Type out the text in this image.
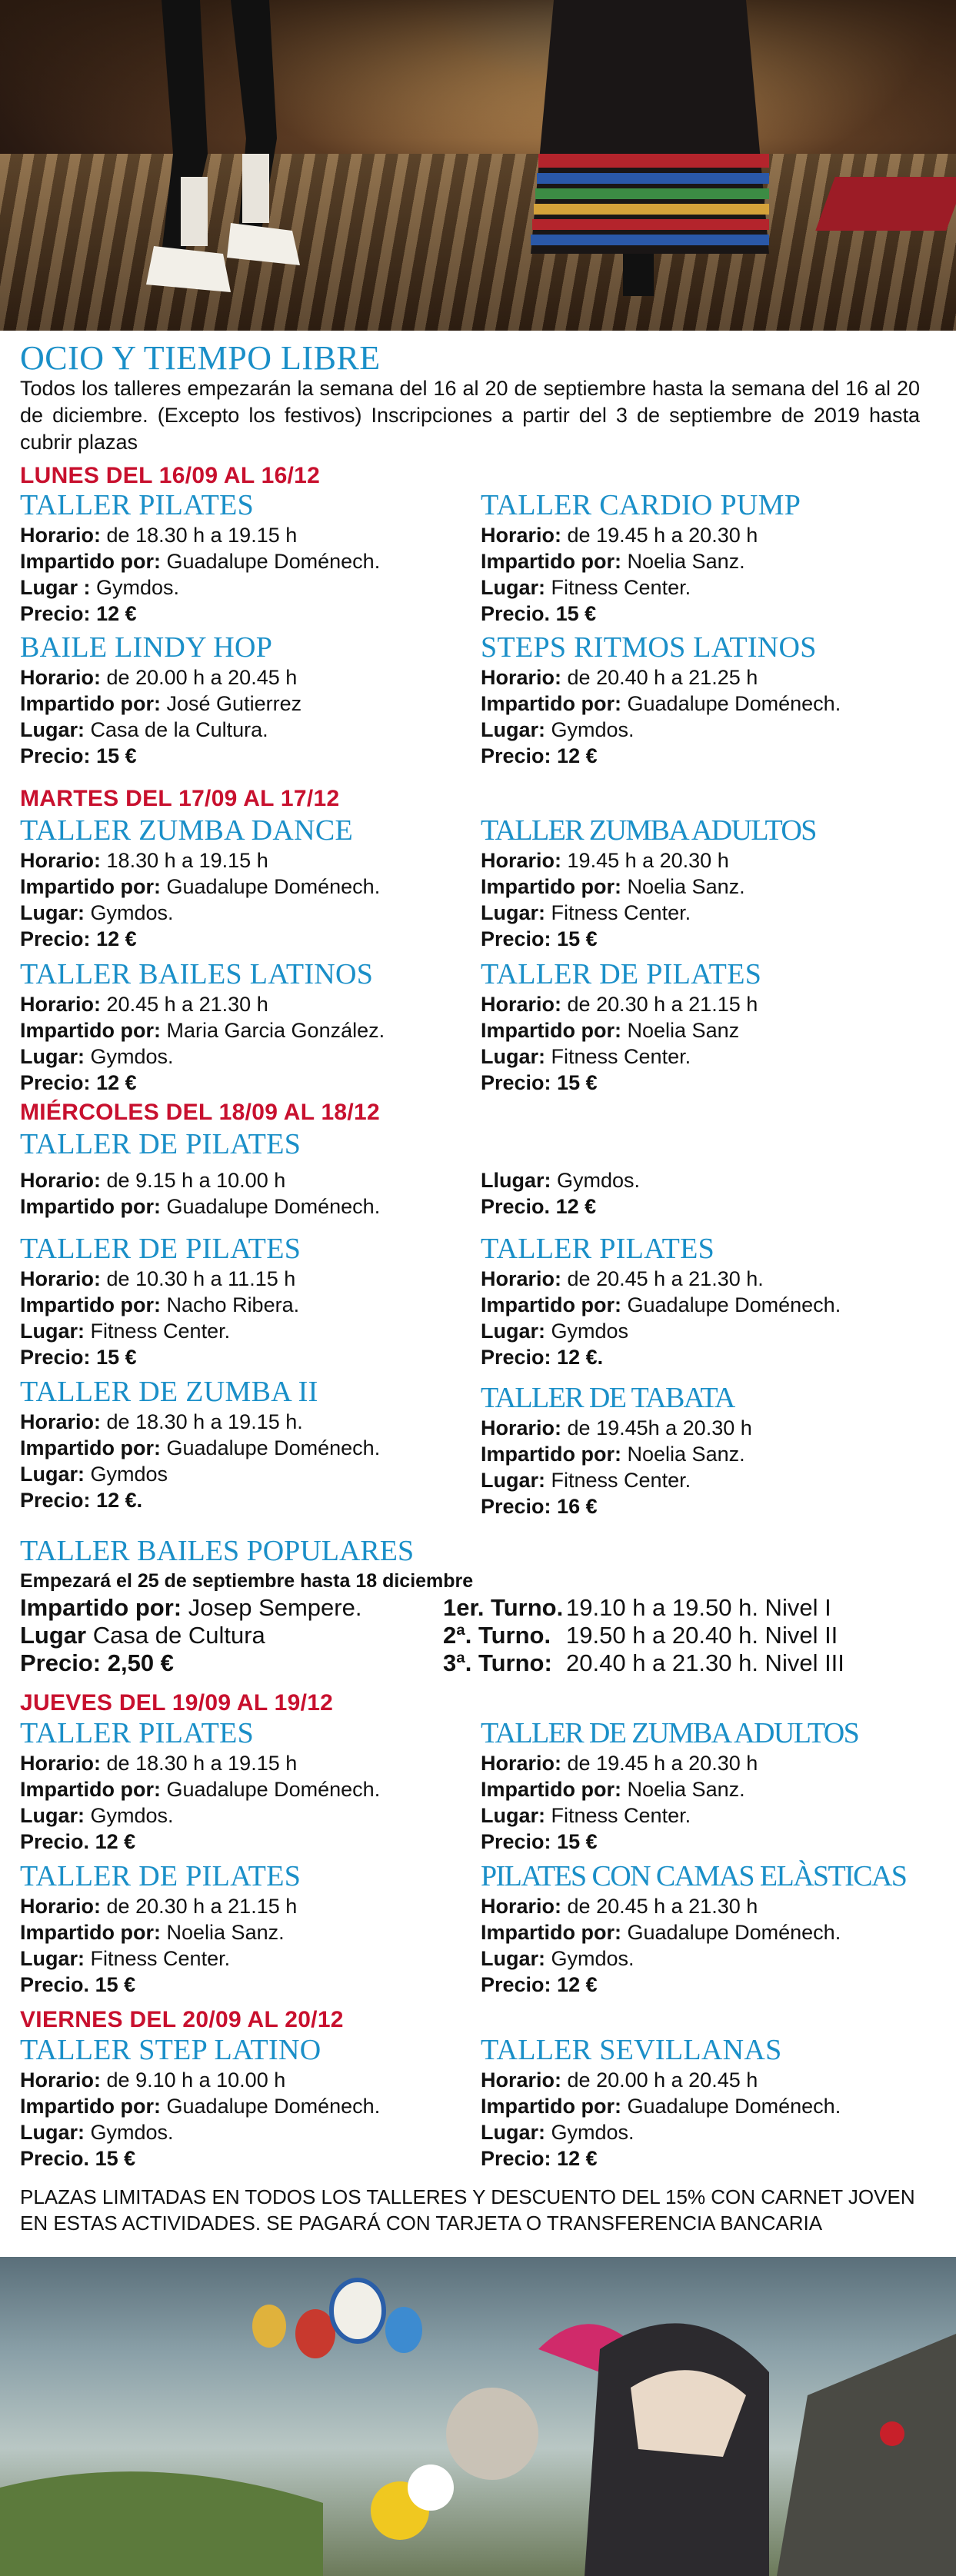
OCIO Y TIEMPO LIBRE
Todos los talleres empezarán la semana del 16 al 20 de septiembre hasta la semana del 16 al 20 de diciembre. (Excepto los festivos) Inscripciones a partir del 3 de septiembre de 2019 hasta cubrir plazas
LUNES DEL 16/09 AL 16/12
MARTES DEL 17/09 AL 17/12
MIÉRCOLES DEL 18/09 AL 18/12
JUEVES DEL 19/09 AL 19/12
VIERNES DEL 20/09 AL 20/12
TALLER PILATES
Horario: de 18.30 h a 19.15 h
Impartido por: Guadalupe Doménech.
Lugar : Gymdos.
Precio: 12 €
TALLER CARDIO PUMP
Horario: de 19.45 h a 20.30 h
Impartido por: Noelia Sanz.
Lugar: Fitness Center.
Precio. 15 €
BAILE LINDY HOP
Horario: de 20.00 h a 20.45 h
Impartido por: José Gutierrez
Lugar: Casa de la Cultura.
Precio: 15 €
STEPS RITMOS LATINOS
Horario: de 20.40 h a 21.25 h
Impartido por: Guadalupe Doménech.
Lugar: Gymdos.
Precio: 12 €
TALLER ZUMBA DANCE
Horario: 18.30 h a 19.15 h
Impartido por: Guadalupe Doménech.
Lugar: Gymdos.
Precio: 12 €
TALLER ZUMBA ADULTOS
Horario: 19.45 h a 20.30 h
Impartido por: Noelia Sanz.
Lugar: Fitness Center.
Precio: 15 €
TALLER BAILES LATINOS
Horario: 20.45 h a 21.30 h
Impartido por: Maria Garcia González.
Lugar: Gymdos.
Precio: 12 €
TALLER DE PILATES
Horario: de 20.30 h a 21.15 h
Impartido por: Noelia Sanz
Lugar: Fitness Center.
Precio: 15 €
TALLER DE PILATES
Horario: de 9.15 h a 10.00 h
Impartido por: Guadalupe Doménech.
TALLER DE PILATES
Horario: de 10.30 h a 11.15 h
Impartido por: Nacho Ribera.
Lugar: Fitness Center.
Precio: 15 €
TALLER PILATES
Horario: de 20.45 h a 21.30 h.
Impartido por: Guadalupe Doménech.
Lugar: Gymdos
Precio: 12 €.
TALLER DE ZUMBA II
Horario: de 18.30 h a 19.15 h.
Impartido por: Guadalupe Doménech.
Lugar: Gymdos
Precio: 12 €.
TALLER DE TABATA
Horario: de 19.45h a 20.30 h
Impartido por: Noelia Sanz.
Lugar: Fitness Center.
Precio: 16 €
TALLER BAILES POPULARES
Empezará el 25 de septiembre hasta 18 diciembre
Impartido por: Josep Sempere.	1er. Turno. 19.10 h a 19.50 h. Nivel I
Lugar Casa de Cultura	2ª. Turno. 19.50 h a 20.40 h. Nivel II
Precio: 2,50 €	3ª. Turno: 20.40 h a 21.30 h. Nivel III
TALLER PILATES
Horario: de 18.30 h a 19.15 h
Impartido por: Guadalupe Doménech.
Lugar: Gymdos.
Precio. 12 €
TALLER DE ZUMBA ADULTOS
Horario: de 19.45 h a 20.30 h
Impartido por: Noelia Sanz.
Lugar: Fitness Center.
Precio: 15 €
TALLER DE PILATES
Horario: de 20.30 h a 21.15 h
Impartido por: Noelia Sanz.
Lugar: Fitness Center.
Precio. 15 €
PILATES CON CAMAS ELÀSTICAS
Horario: de 20.45 h a 21.30 h
Impartido por: Guadalupe Doménech.
Lugar: Gymdos.
Precio: 12 €
TALLER STEP LATINO
Horario: de 9.10 h a 10.00 h
Impartido por: Guadalupe Doménech.
Lugar: Gymdos.
Precio. 15 €
TALLER SEVILLANAS
Horario: de 20.00 h a 20.45 h
Impartido por: Guadalupe Doménech.
Lugar: Gymdos.
Precio: 12 €
PLAZAS LIMITADAS EN TODOS LOS TALLERES Y DESCUENTO DEL 15% CON CARNET JOVEN EN ESTAS ACTIVIDADES. SE PAGARÁ CON TARJETA O TRANSFERENCIA BANCARIA
Llugar: Gymdos.
Precio. 12 €
